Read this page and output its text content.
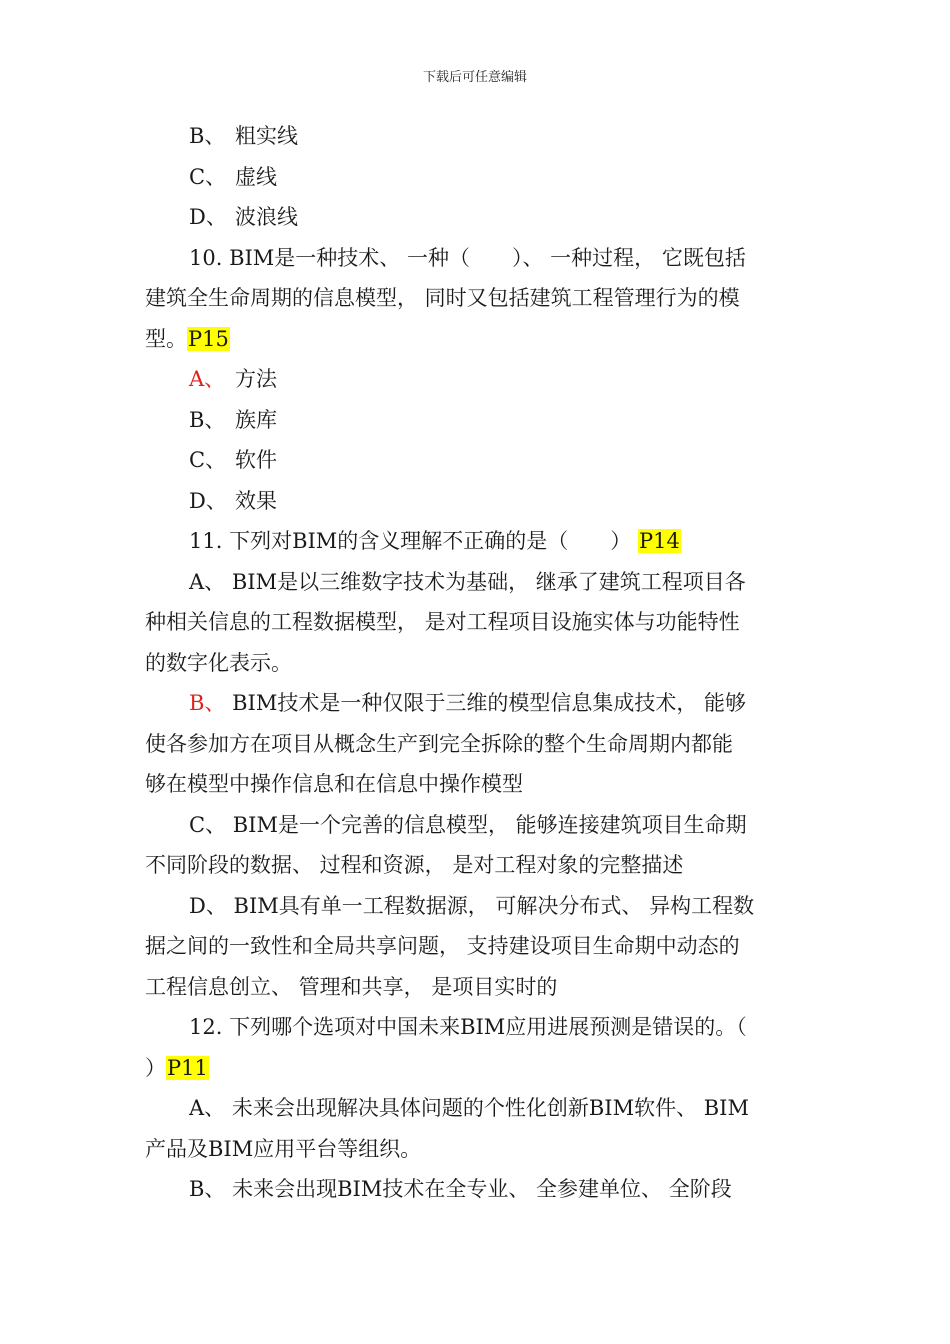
下载后可任意编辑
B、 粗实线
C、 虚线
D、 波浪线
10. BIM是一种技术、 一种（　　）、 一种过程， 它既包括
建筑全生命周期的信息模型， 同时又包括建筑工程管理行为的模
型。P15
A、 方法
B、 族库
C、 软件
D、 效果
11. 下列对BIM的含义理解不正确的是（　　） P14
A、 BIM是以三维数字技术为基础， 继承了建筑工程项目各
种相关信息的工程数据模型， 是对工程项目设施实体与功能特性
的数字化表示。
B、 BIM技术是一种仅限于三维的模型信息集成技术， 能够
使各参加方在项目从概念生产到完全拆除的整个生命周期内都能
够在模型中操作信息和在信息中操作模型
C、 BIM是一个完善的信息模型， 能够连接建筑项目生命期
不同阶段的数据、 过程和资源， 是对工程对象的完整描述
D、 BIM具有单一工程数据源， 可解决分布式、 异构工程数
据之间的一致性和全局共享问题， 支持建设项目生命期中动态的
工程信息创立、 管理和共享， 是项目实时的
12. 下列哪个选项对中国未来BIM应用进展预测是错误的。（
）P11
A、 未来会出现解决具体问题的个性化创新BIM软件、 BIM
产品及BIM应用平台等组织。
B、 未来会出现BIM技术在全专业、 全参建单位、 全阶段
